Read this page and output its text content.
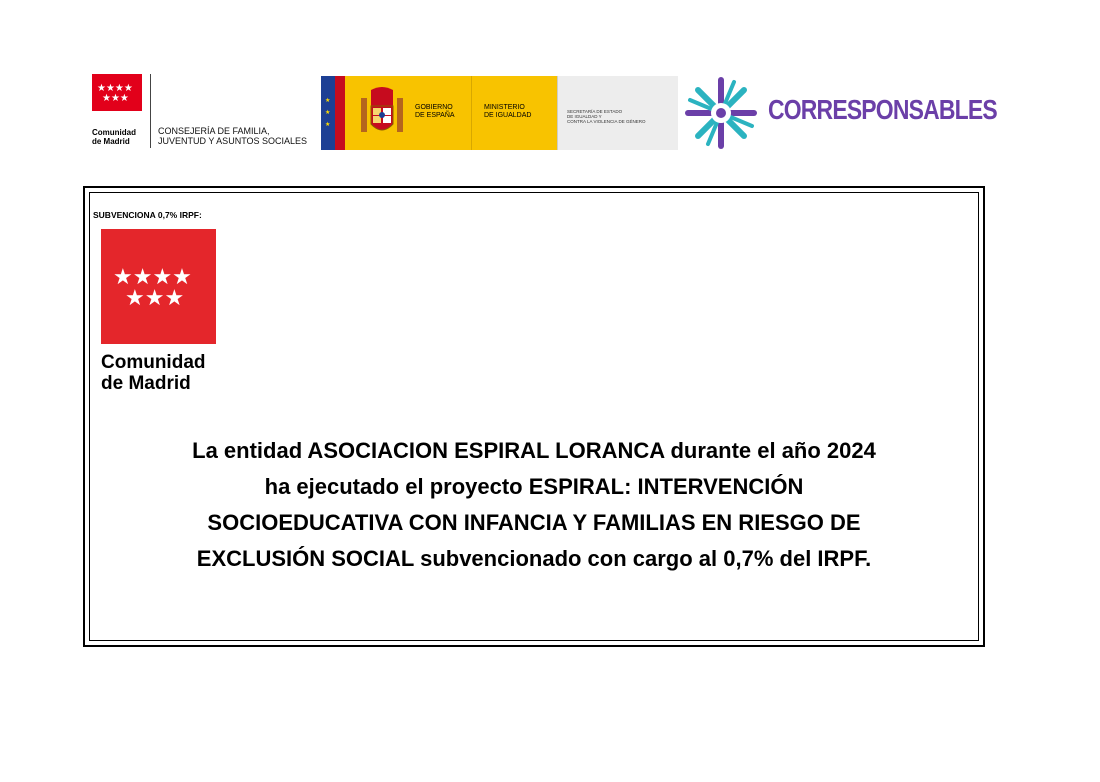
★★★★
★★★
Comunidad
de Madrid
CONSEJERÍA DE FAMILIA,
JUVENTUD Y ASUNTOS SOCIALES
★
★
★
GOBIERNO
DE ESPAÑA
MINISTERIO
DE IGUALDAD
SECRETARÍA DE ESTADO
DE IGUALDAD Y
CONTRA LA VIOLENCIA DE GÉNERO	CORRESPONSABLES
SUBVENCIONA 0,7% IRPF:
★★★★
★★★
Comunidad
de Madrid
La entidad ASOCIACION ESPIRAL LORANCA durante el año 2024
ha ejecutado el proyecto ESPIRAL: INTERVENCIÓN
SOCIOEDUCATIVA CON INFANCIA Y FAMILIAS EN RIESGO DE
EXCLUSIÓN SOCIAL subvencionado con cargo al 0,7% del IRPF.
